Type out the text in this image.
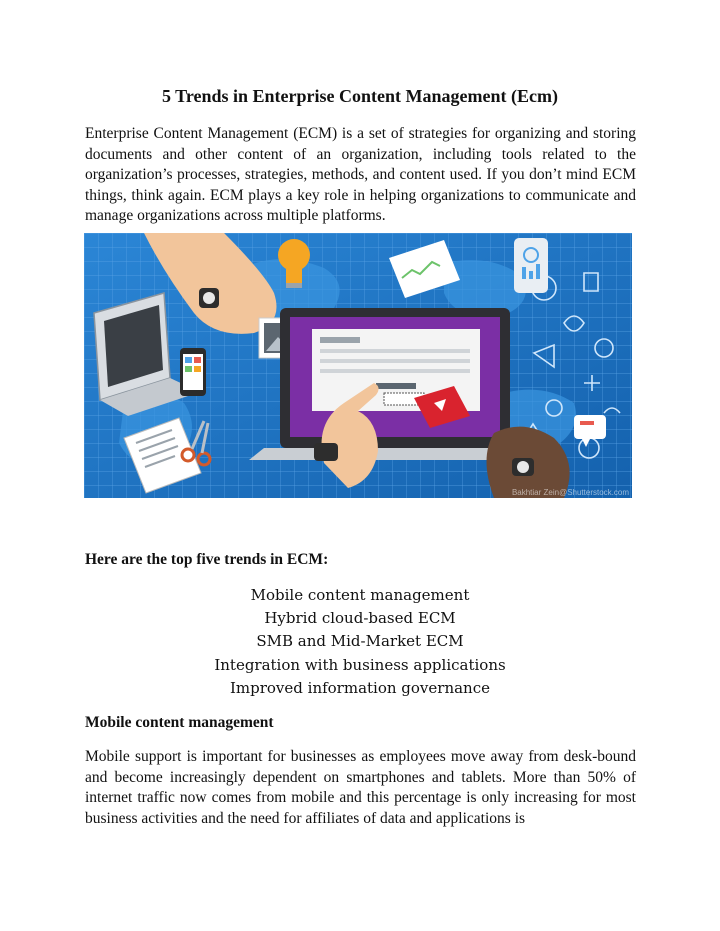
5 Trends in Enterprise Content Management (Ecm)

Enterprise Content Management (ECM) is a set of strategies for organizing and storing documents and other content of an organization, including tools related to the organization’s processes, strategies, methods, and content used. If you don’t mind ECM things, think again. ECM plays a key role in helping organizations to communicate and manage organizations across multiple platforms.

Bakhtiar Zein@Shutterstock.com

Here are the top five trends in ECM:

Mobile content management
Hybrid cloud-based ECM
SMB and Mid-Market ECM
Integration with business applications
Improved information governance

Mobile content management

Mobile support is important for businesses as employees move away from desk-bound and become increasingly dependent on smartphones and tablets. More than 50% of internet traffic now comes from mobile and this percentage is only increasing for most business activities and the need for affiliates of data and applications is
